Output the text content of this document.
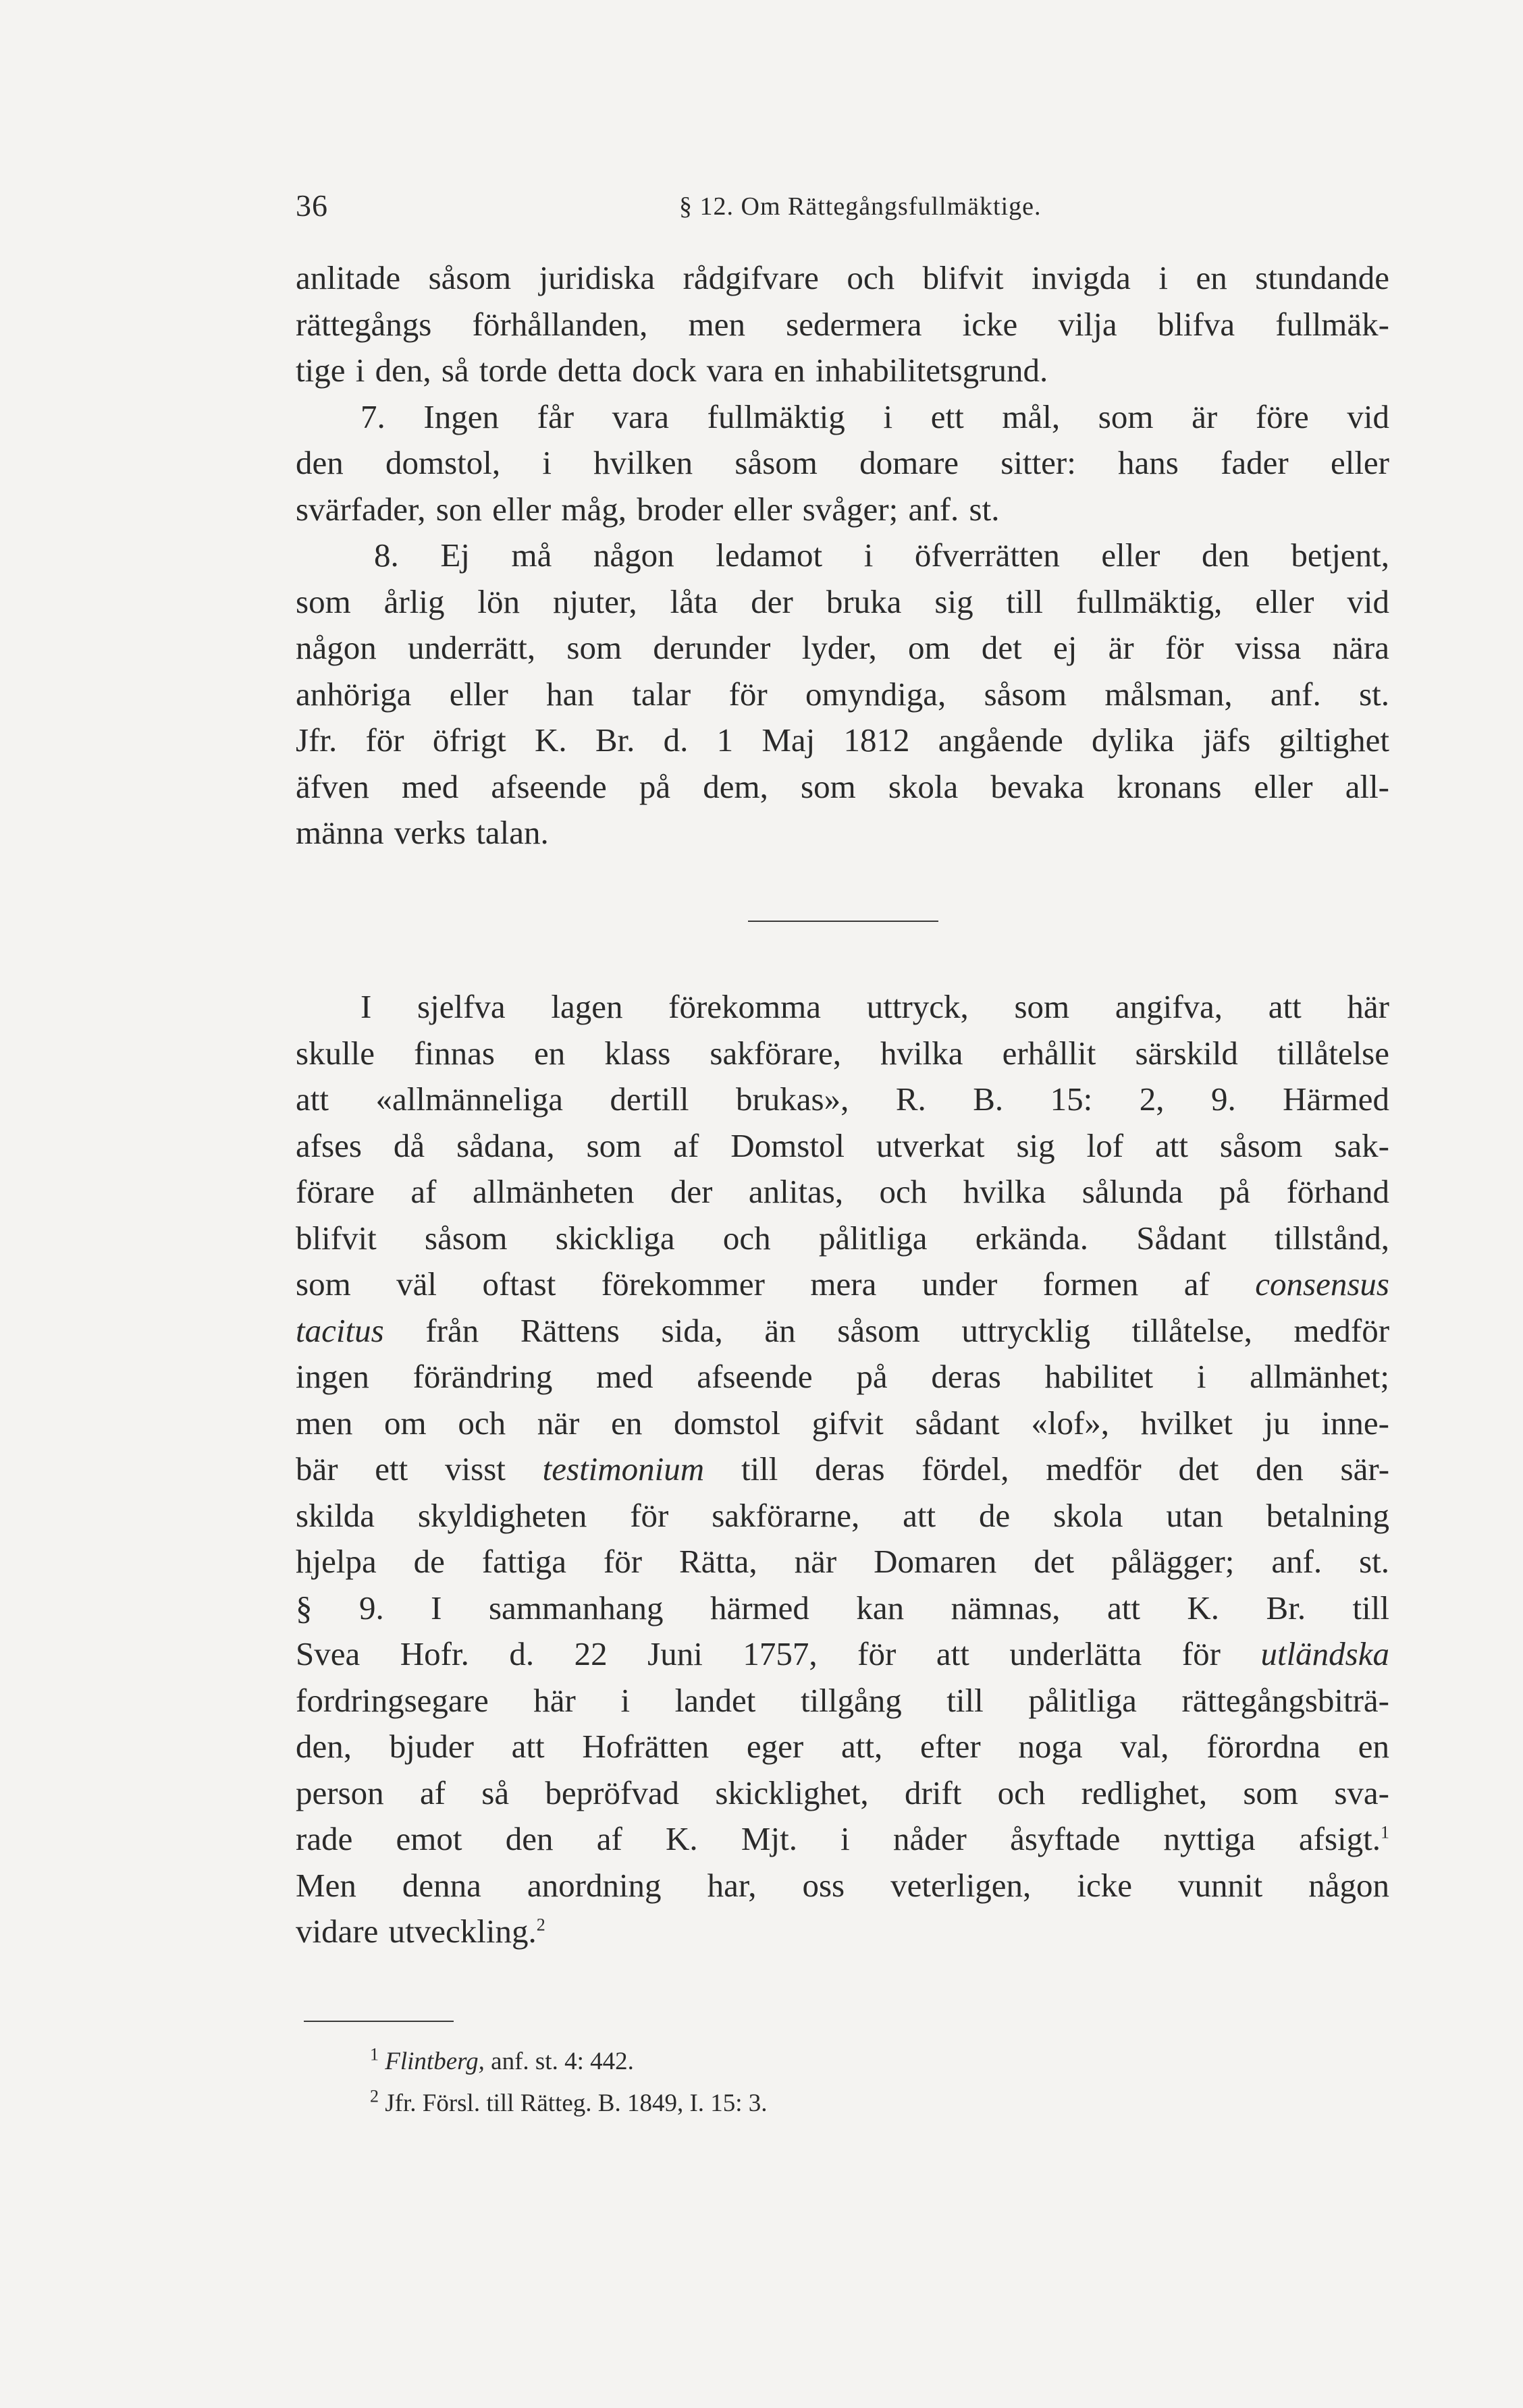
36	§ 12. Om Rättegångsfullmäktige.
anlitade såsom juridiska rådgifvare och blifvit invigda i en stundande
rättegångs förhållanden, men sedermera icke vilja blifva fullmäk-
tige i den, så torde detta dock vara en inhabilitetsgrund.
7. Ingen får vara fullmäktig i ett mål, som är före vid
den domstol, i hvilken såsom domare sitter: hans fader eller
svärfader, son eller måg, broder eller svåger; anf. st.
8. Ej må någon ledamot i öfverrätten eller den betjent,
som årlig lön njuter, låta der bruka sig till fullmäktig, eller vid
någon underrätt, som derunder lyder, om det ej är för vissa nära
anhöriga eller han talar för omyndiga, såsom målsman, anf. st.
Jfr. för öfrigt K. Br. d. 1 Maj 1812 angående dylika jäfs giltighet
äfven med afseende på dem, som skola bevaka kronans eller all-
männa verks talan.
I sjelfva lagen förekomma uttryck, som angifva, att här
skulle finnas en klass sakförare, hvilka erhållit särskild tillåtelse
att «allmänneliga dertill brukas», R. B. 15: 2, 9. Härmed
afses då sådana, som af Domstol utverkat sig lof att såsom sak-
förare af allmänheten der anlitas, och hvilka sålunda på förhand
blifvit såsom skickliga och pålitliga erkända. Sådant tillstånd,
som väl oftast förekommer mera under formen af consensus
tacitus från Rättens sida, än såsom uttrycklig tillåtelse, medför
ingen förändring med afseende på deras habilitet i allmänhet;
men om och när en domstol gifvit sådant «lof», hvilket ju inne-
bär ett visst testimonium till deras fördel, medför det den sär-
skilda skyldigheten för sakförarne, att de skola utan betalning
hjelpa de fattiga för Rätta, när Domaren det pålägger; anf. st.
§ 9. I sammanhang härmed kan nämnas, att K. Br. till
Svea Hofr. d. 22 Juni 1757, för att underlätta för utländska
fordringsegare här i landet tillgång till pålitliga rättegångsbiträ-
den, bjuder att Hofrätten eger att, efter noga val, förordna en
person af så bepröfvad skicklighet, drift och redlighet, som sva-
rade emot den af K. Mjt. i nåder åsyftade nyttiga afsigt.$^1$
Men denna anordning har, oss veterligen, icke vunnit någon
vidare utveckling.$^2$
$^1$ Flintberg, anf. st. 4: 442.
$^2$ Jfr. Försl. till Rätteg. B. 1849, I. 15: 3.
